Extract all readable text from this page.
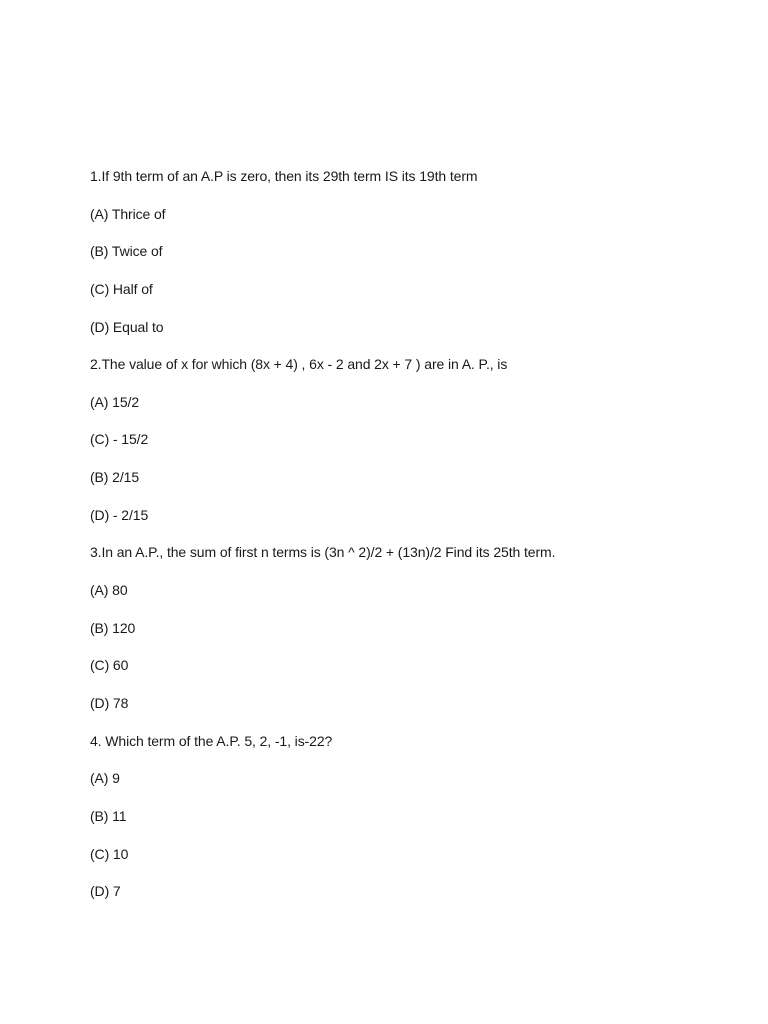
1.If 9th term of an A.P is zero, then its 29th term IS its 19th term
(A) Thrice of
(B) Twice of
(C) Half of
(D) Equal to
2.The value of x for which (8x + 4) , 6x - 2 and 2x + 7 ) are in A. P., is
(A) 15/2
(C) - 15/2
(B) 2/15
(D) - 2/15
3.In an A.P., the sum of first n terms is (3n ^ 2)/2 + (13n)/2 Find its 25th term.
(A) 80
(B) 120
(C) 60
(D) 78
4. Which term of the A.P. 5, 2, -1, is-22?
(A) 9
(B) 11
(C) 10
(D) 7
